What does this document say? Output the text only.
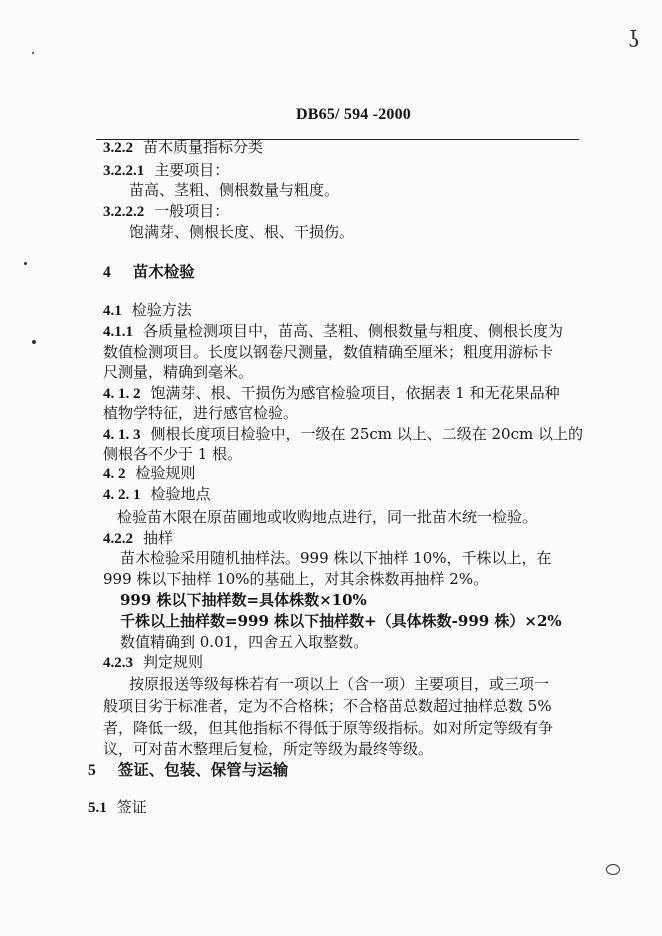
ʖ
DB65/ 594 -2000
3.2.2 苗木质量指标分类
3.2.2.1 主要项目：
苗高、茎粗、侧根数量与粗度。
3.2.2.2 一般项目：
饱满芽、侧根长度、根、干损伤。
4 苗木检验
4.1 检验方法
4.1.1 各质量检测项目中，苗高、茎粗、侧根数量与粗度、侧根长度为
数值检测项目。长度以钢卷尺测量，数值精确至厘米；粗度用游标卡
尺测量，精确到毫米。
4. 1. 2 饱满芽、根、干损伤为感官检验项目，依据表 1 和无花果品种
植物学特征，进行感官检验。
4. 1. 3 侧根长度项目检验中，一级在 25cm 以上、二级在 20cm 以上的
侧根各不少于 1 根。
4. 2 检验规则
4. 2. 1 检验地点
检验苗木限在原苗圃地或收购地点进行，同一批苗木统一检验。
4.2.2 抽样
苗木检验采用随机抽样法。999 株以下抽样 10%，千株以上，在
999 株以下抽样 10%的基础上，对其余株数再抽样 2%。
999 株以下抽样数=具体株数×10%
千株以上抽样数=999 株以下抽样数+（具体株数-999 株）×2%
数值精确到 0.01，四舍五入取整数。
4.2.3 判定规则
按原报送等级每株若有一项以上（含一项）主要项目，或三项一
般项目劣于标准者，定为不合格株；不合格苗总数超过抽样总数 5%
者，降低一级，但其他指标不得低于原等级指标。如对所定等级有争
议，可对苗木整理后复检，所定等级为最终等级。
5 签证、包装、保管与运输
5.1 签证
